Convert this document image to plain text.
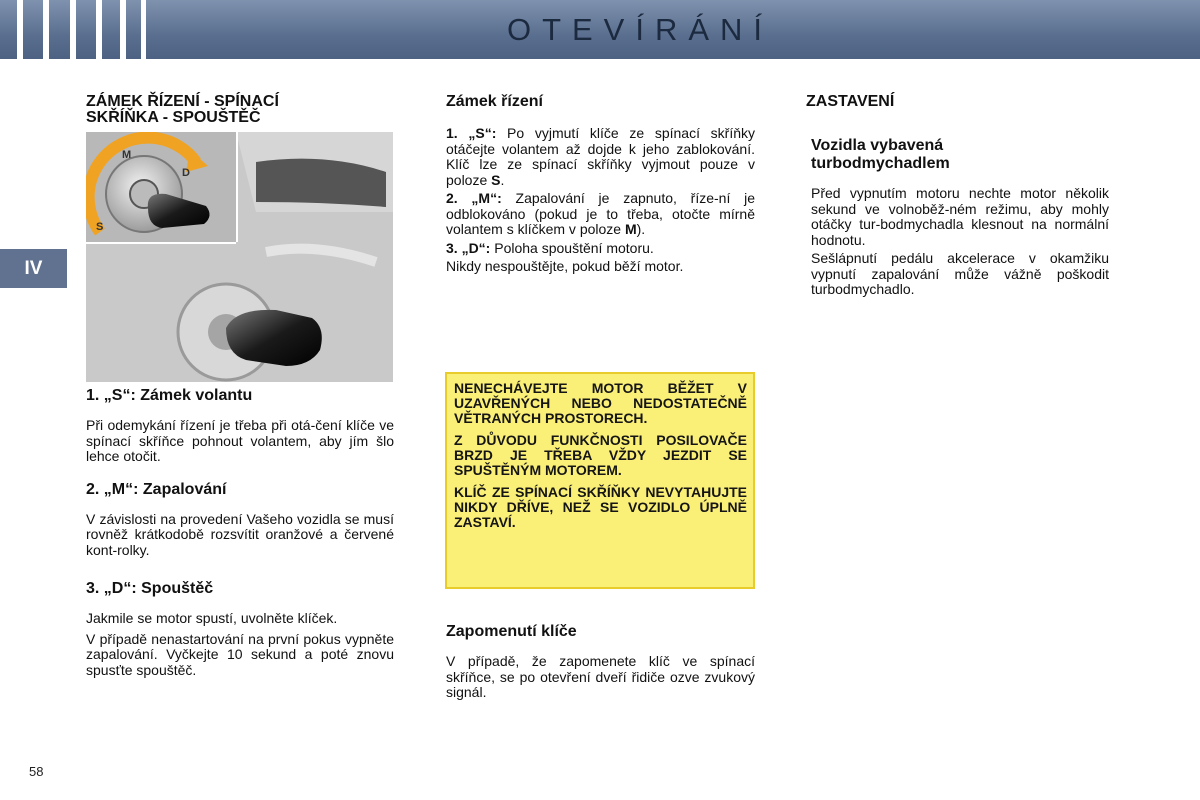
OTEVÍRÁNÍ
IV
ZÁMEK ŘÍZENÍ - SPÍNACÍ
SKŘÍŇKA - SPOUŠTĚČ
S
M
D
1. „S“: Zámek volantu

Při odemykání řízení je třeba při otá-čení klíče ve spínací skříňce pohnout volantem, aby jím šlo lehce otočit.

2. „M“: Zapalování

V závislosti na provedení Vašeho vozidla se musí rovněž krátkodobě rozsvítit oranžové a červené kont-rolky.

3. „D“: Spouštěč

Jakmile se motor spustí, uvolněte klíček.

V případě nenastartování na první pokus vypněte zapalování. Vyčkejte 10 sekund a poté znovu spusťte spouštěč.

Zámek řízení

1. „S“: Po vyjmutí klíče ze spínací skříňky otáčejte volantem až dojde k jeho zablokování. Klíč lze ze spínací skříňky vyjmout pouze v poloze S.

2. „M“: Zapalování je zapnuto, říze-ní je odblokováno (pokud je to třeba, otočte mírně volantem s klíčkem v poloze M).

3. „D“: Poloha spouštění motoru.

Nikdy nespouštějte, pokud běží motor.

NENECHÁVEJTE MOTOR BĚŽET V UZAVŘENÝCH NEBO NEDOSTATEČNĚ VĚTRANÝCH PROSTORECH.

Z DŮVODU FUNKČNOSTI POSILOVAČE BRZD JE TŘEBA VŽDY JEZDIT SE SPUŠTĚNÝM MOTOREM.

KLÍČ ZE SPÍNACÍ SKŘÍŇKY NEVYTAHUJTE NIKDY DŘÍVE, NEŽ SE VOZIDLO ÚPLNĚ ZASTAVÍ.

Zapomenutí klíče

V případě, že zapomenete klíč ve spínací skříňce, se po otevření dveří řidiče ozve zvukový signál.

ZASTAVENÍ
Vozidla vybavená
turbodmychadlem

Před vypnutím motoru nechte motor několik sekund ve volnoběž-ném režimu, aby mohly otáčky tur-bodmychadla klesnout na normální hodnotu.

Sešlápnutí pedálu akcelerace v okamžiku vypnutí zapalování může vážně poškodit turbodmychadlo.

58
